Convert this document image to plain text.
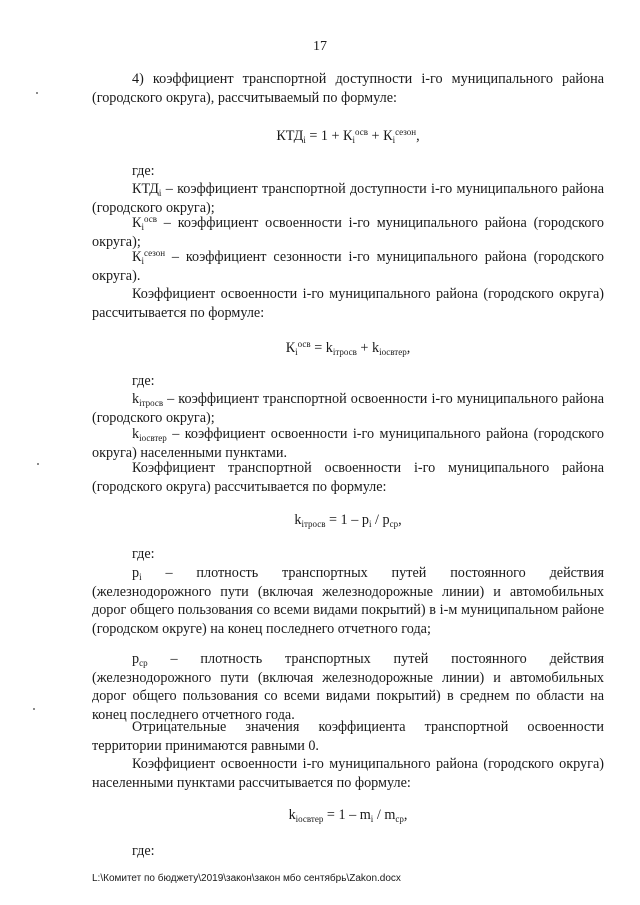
17
4) коэффициент транспортной доступности i-го муниципального района (городского округа), рассчитываемый по формуле:
$КТД_i = 1 + К_i^{осв} + К_i^{сезон}$,
где:
$КТД_i$ – коэффициент транспортной доступности i-го муниципального района (городского округа);
$К_i^{осв}$ – коэффициент освоенности i-го муниципального района (городского округа);
$К_i^{сезон}$ – коэффициент сезонности i-го муниципального района (городского округа).
Коэффициент освоенности i-го муниципального района (городского округа) рассчитывается по формуле:
$К_i^{осв} = k_{iтросв} + k_{iосвтер}$,
где:
$k_{iтросв}$ – коэффициент транспортной освоенности i-го муниципального района (городского округа);
$k_{iосвтер}$ – коэффициент освоенности i-го муниципального района (городского округа) населенными пунктами.
Коэффициент транспортной освоенности i-го муниципального района (городского округа) рассчитывается по формуле:
$k_{iтросв} = 1 - p_i / p_{ср}$,
где:
$p_i$ – плотность транспортных путей постоянного действия (железнодорожного пути (включая железнодорожные линии) и автомобильных дорог общего пользования со всеми видами покрытий) в i-м муниципальном районе (городском округе) на конец последнего отчетного года;
$p_{ср}$ – плотность транспортных путей постоянного действия (железнодорожного пути (включая железнодорожные линии) и автомобильных дорог общего пользования со всеми видами покрытий) в среднем по области на конец последнего отчетного года.
Отрицательные значения коэффициента транспортной освоенности территории принимаются равными 0.
Коэффициент освоенности i-го муниципального района (городского округа) населенными пунктами рассчитывается по формуле:
$k_{iосвтер} = 1 - m_i / m_{ср}$,
где:
L:\Комитет по бюджету\2019\закон\закон мбо сентябрь\Zakon.docx
